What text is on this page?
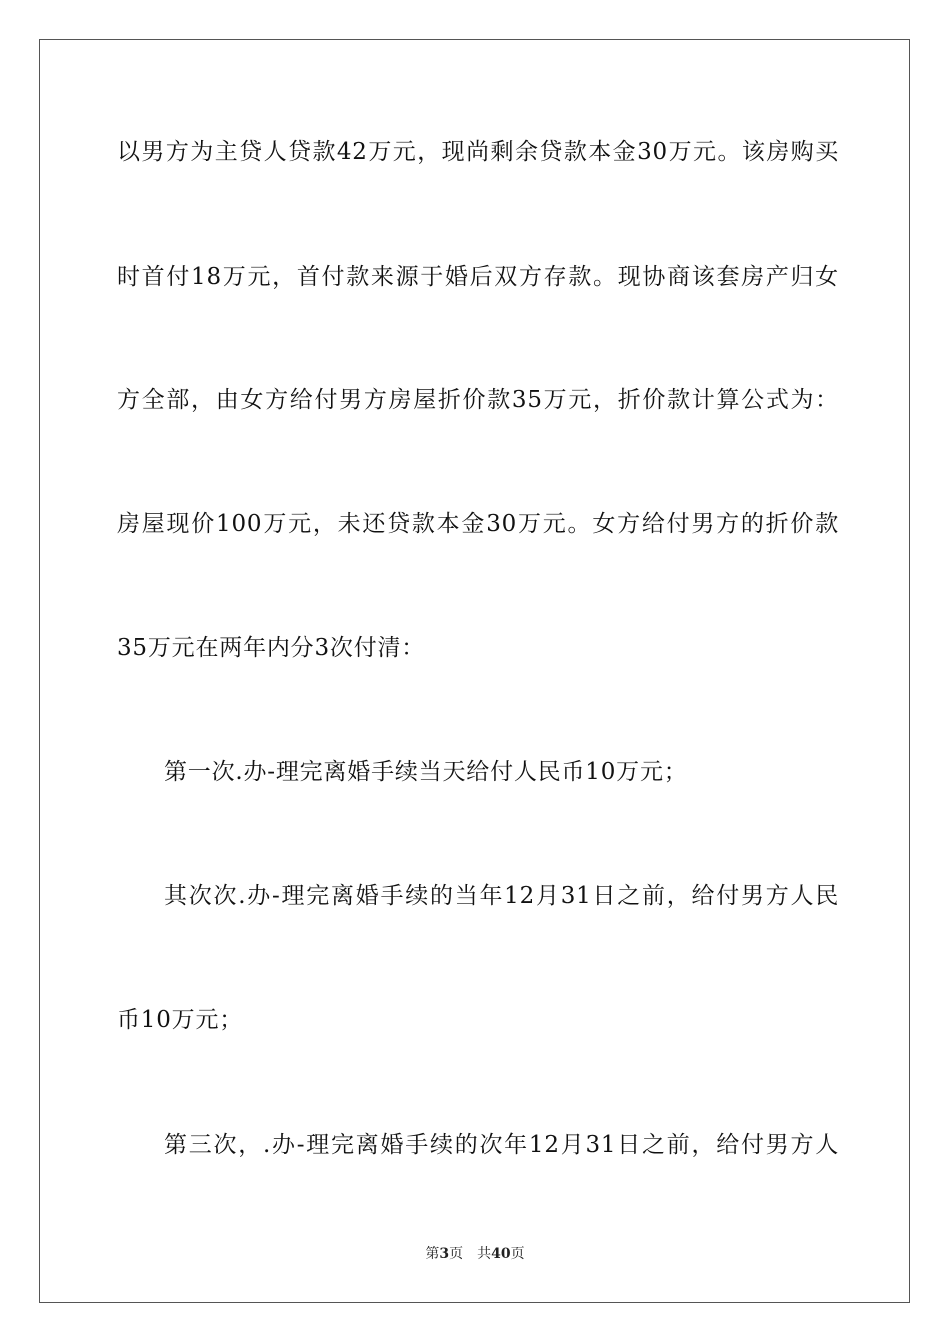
以男方为主贷人贷款42万元，现尚剩余贷款本金30万元。该房购买
时首付18万元，首付款来源于婚后双方存款。现协商该套房产归女
方全部，由女方给付男方房屋折价款35万元，折价款计算公式为：
房屋现价100万元，未还贷款本金30万元。女方给付男方的折价款
35万元在两年内分3次付清：
第一次.办-理完离婚手续当天给付人民币10万元；
其次次.办-理完离婚手续的当年12月31日之前，给付男方人民
币10万元；
第三次，.办-理完离婚手续的次年12月31日之前，给付男方人
第3页 共40页
